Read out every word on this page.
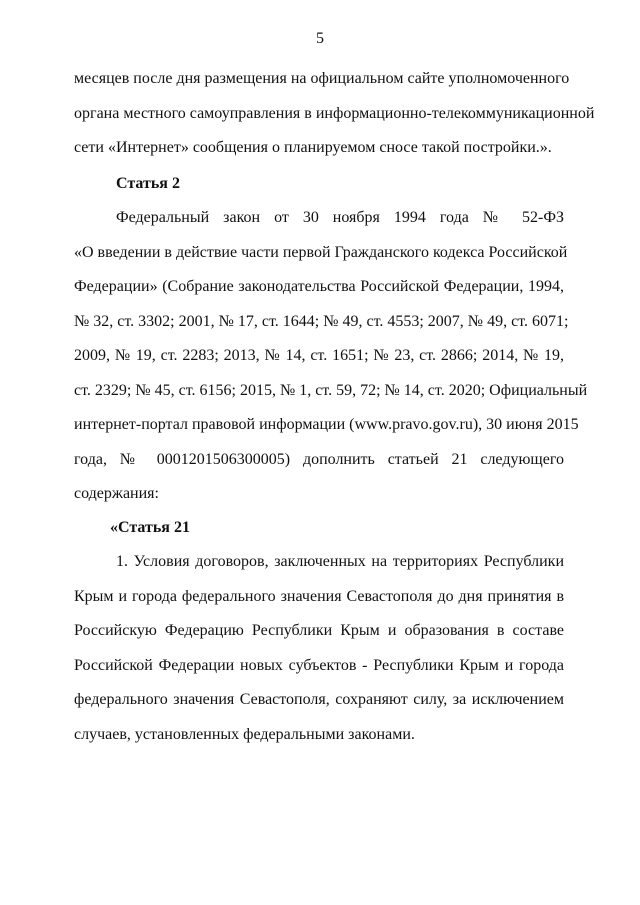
5
месяцев после дня размещения на официальном сайте уполномоченного
органа местного самоуправления в информационно-телекоммуникационной
сети «Интернет» сообщения о планируемом сносе такой постройки.».

Статья 2

Федеральный закон от 30 ноября 1994 года № 52-ФЗ
«О введении в действие части первой Гражданского кодекса Российской
Федерации» (Собрание законодательства Российской Федерации, 1994,
№ 32, ст. 3302; 2001, № 17, ст. 1644; № 49, ст. 4553; 2007, № 49, ст. 6071;
2009, № 19, ст. 2283; 2013, № 14, ст. 1651; № 23, ст. 2866; 2014, № 19,
ст. 2329; № 45, ст. 6156; 2015, № 1, ст. 59, 72; № 14, ст. 2020; Официальный
интернет-портал правовой информации (www.pravo.gov.ru), 30 июня 2015
года, № 0001201506300005) дополнить статьей 21 следующего
содержания:

«Статья 21

1. Условия договоров, заключенных на территориях Республики
Крым и города федерального значения Севастополя до дня принятия в
Российскую Федерацию Республики Крым и образования в составе
Российской Федерации новых субъектов - Республики Крым и города
федерального значения Севастополя, сохраняют силу, за исключением
случаев, установленных федеральными законами.
